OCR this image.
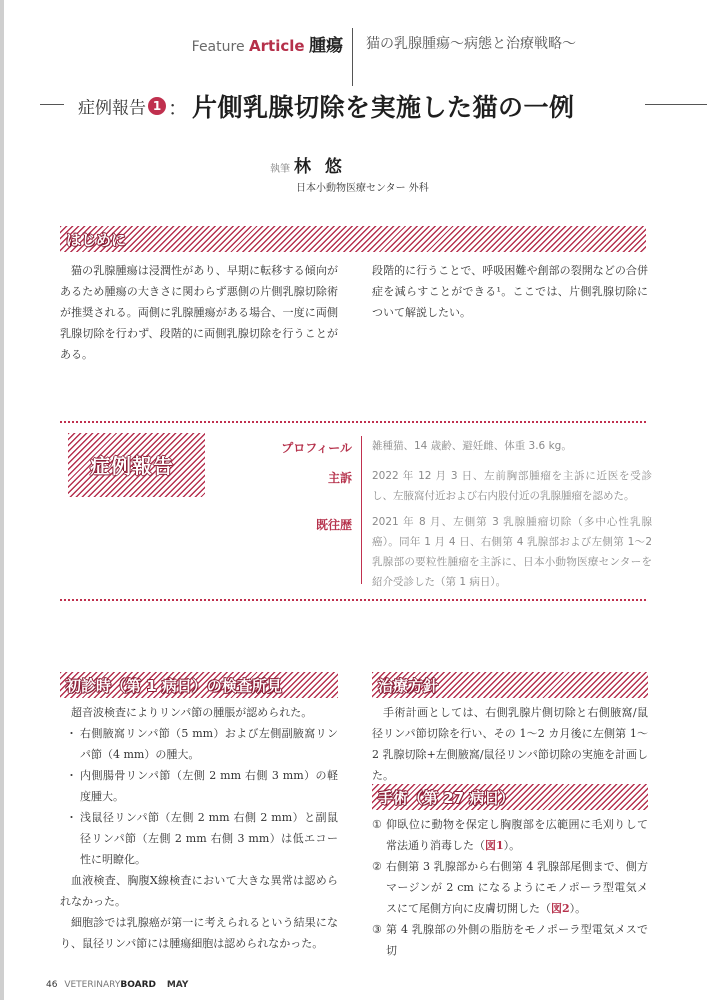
Feature Article 腫瘍 猫の乳腺腫瘍〜病態と治療戦略〜
症例報告 1 ： 片側乳腺切除を実施した猫の一例
執筆 林 悠
日本小動物医療センター 外科
はじめに
猫の乳腺腫瘍は浸潤性があり、早期に転移する傾向があるため腫瘍の大きさに関わらず悪側の片側乳腺切除術が推奨される。両側に乳腺腫瘍がある場合、一度に両側乳腺切除を行わず、段階的に両側乳腺切除を行うことがある。
段階的に行うことで、呼吸困難や創部の裂開などの合併症を減らすことができる¹。ここでは、片側乳腺切除について解説したい。
症例報告
プロフィール 雑種猫、14 歳齢、避妊雌、体重 3.6 kg。
主訴 2022 年 12 月 3 日、左前胸部腫瘤を主訴に近医を受診し、左腋窩付近および右内股付近の乳腺腫瘤を認めた。
既往歴 2021 年 8 月、左側第 3 乳腺腫瘤切除（多中心性乳腺癌）。同年 1 月 4 日、右側第 4 乳腺部および左側第 1〜2 乳腺部の要粒性腫瘤を主訴に、日本小動物医療センターを紹介受診した（第 1 病日）。
初診時（第 1 病日）の検査所見
超音波検査によりリンパ節の腫脹が認められた。
・ 右側腋窩リンパ節（5 mm）および左側副腋窩リンパ節（4 mm）の腫大。
・ 内側腸骨リンパ節（左側 2 mm 右側 3 mm）の軽度腫大。
・ 浅鼠径リンパ節（左側 2 mm 右側 2 mm）と副鼠径リンパ節（左側 2 mm 右側 3 mm）は低エコー性に明瞭化。
血液検査、胸腹X線検査において大きな異常は認められなかった。
細胞診では乳腺癌が第一に考えられるという結果になり、鼠径リンパ節には腫瘍細胞は認められなかった。
治療方針
手術計画としては、右側乳腺片側切除と右側腋窩/鼠径リンパ節切除を行い、その 1〜2 カ月後に左側第 1〜2 乳腺切除+左側腋窩/鼠径リンパ節切除の実施を計画した。
手術（第 27 病日）
① 仰臥位に動物を保定し胸腹部を広範囲に毛刈りして常法通り消毒した（図1）。
② 右側第 3 乳腺部から右側第 4 乳腺部尾側まで、側方マージンが 2 cm になるようにモノポーラ型電気メスにて尾側方向に皮膚切開した（図2）。
③ 第 4 乳腺部の外側の脂肪をモノポーラ型電気メスで切
46 VETERINARYBOARD MAY
